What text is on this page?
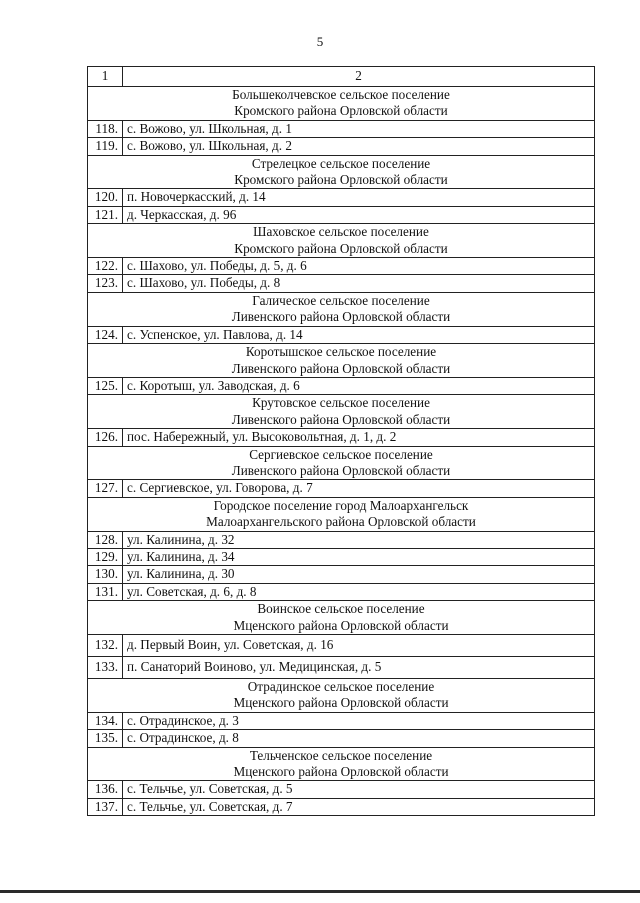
5
1	2

Большеколчевское сельское поселение
Кромского района Орловской области	

118.	с. Вожово, ул. Школьная, д. 1
119.	с. Вожово, ул. Школьная, д. 2

Стрелецкое сельское поселение
Кромского района Орловской области	

120.	п. Новочеркасский, д. 14
121.	д. Черкасская, д. 96

Шаховское сельское поселение
Кромского района Орловской области	

122.	с. Шахово, ул. Победы, д. 5, д. 6
123.	с. Шахово, ул. Победы, д. 8

Галическое сельское поселение
Ливенского района Орловской области	

124.	с. Успенское, ул. Павлова, д. 14

Коротышское сельское поселение
Ливенского района Орловской области	

125.	с. Коротыш, ул. Заводская, д. 6

Крутовское сельское поселение
Ливенского района Орловской области	

126.	пос. Набережный, ул. Высоковольтная, д. 1, д. 2

Сергиевское сельское поселение
Ливенского района Орловской области	

127.	с. Сергиевское, ул. Говорова, д. 7

Городское поселение город Малоархангельск
Малоархангельского района Орловской области	

128.	ул. Калинина, д. 32
129.	ул. Калинина, д. 34
130.	ул. Калинина, д. 30
131.	ул. Советская, д. 6, д. 8

Воинское сельское поселение
Мценского района Орловской области	

132.	д. Первый Воин, ул. Советская, д. 16
133.	п. Санаторий Воиново, ул. Медицинская, д. 5

Отрадинское сельское поселение
Мценского района Орловской области	

134.	с. Отрадинское, д. 3
135.	с. Отрадинское, д. 8

Тельченское сельское поселение
Мценского района Орловской области	

136.	с. Тельчье, ул. Советская, д. 5
137.	с. Тельчье, ул. Советская, д. 7
